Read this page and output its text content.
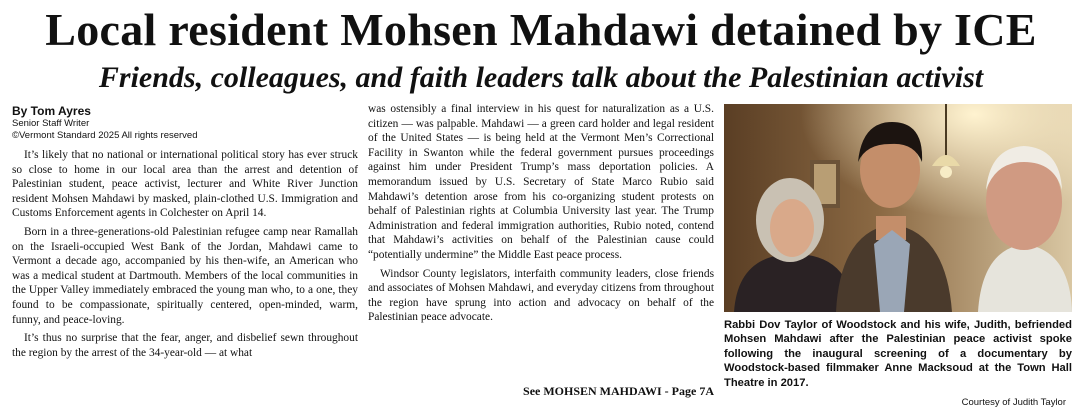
Local resident Mohsen Mahdawi detained by ICE
Friends, colleagues, and faith leaders talk about the Palestinian activist
By Tom Ayres
Senior Staff Writer
©Vermont Standard 2025 All rights reserved

It’s likely that no national or international political story has ever struck so close to home in our local area than the arrest and detention of Palestinian student, peace activist, lecturer and White River Junction resident Mohsen Mahdawi by masked, plain-clothed U.S. Immigration and Customs Enforcement agents in Colchester on April 14.

Born in a three-generations-old Palestinian refugee camp near Ramallah on the Israeli-occupied West Bank of the Jordan, Mahdawi came to Vermont a decade ago, accompanied by his then-wife, an American who was a medical student at Dartmouth. Members of the local communities in the Upper Valley immediately embraced the young man who, to a one, they found to be compassionate, spiritually centered, open-minded, warm, funny, and peace-loving.

It’s thus no surprise that the fear, anger, and disbelief sewn throughout the region by the arrest of the 34-year-old — at what

was ostensibly a final interview in his quest for naturalization as a U.S. citizen — was palpable. Mahdawi — a green card holder and legal resident of the United States — is being held at the Vermont Men’s Correctional Facility in Swanton while the federal government pursues proceedings against him under President Trump’s mass deportation policies. A memorandum issued by U.S. Secretary of State Marco Rubio said Mahdawi’s detention arose from his co-organizing student protests on behalf of Palestinian rights at Columbia University last year. The Trump Administration and federal immigration authorities, Rubio noted, contend that Mahdawi’s activities on behalf of the Palestinian cause could “potentially undermine” the Middle East peace process.

Windsor County legislators, interfaith community leaders, close friends and associates of Mohsen Mahdawi, and everyday citizens from throughout the region have sprung into action and advocacy on behalf of the Palestinian peace advocate.

See MOHSEN MAHDAWI - Page 7A
Rabbi Dov Taylor of Woodstock and his wife, Judith, befriended Mohsen Mahdawi after the Palestinian peace activist spoke following the inaugural screening of a documentary by Woodstock-based filmmaker Anne Macksoud at the Town Hall Theatre in 2017.
Courtesy of Judith Taylor
